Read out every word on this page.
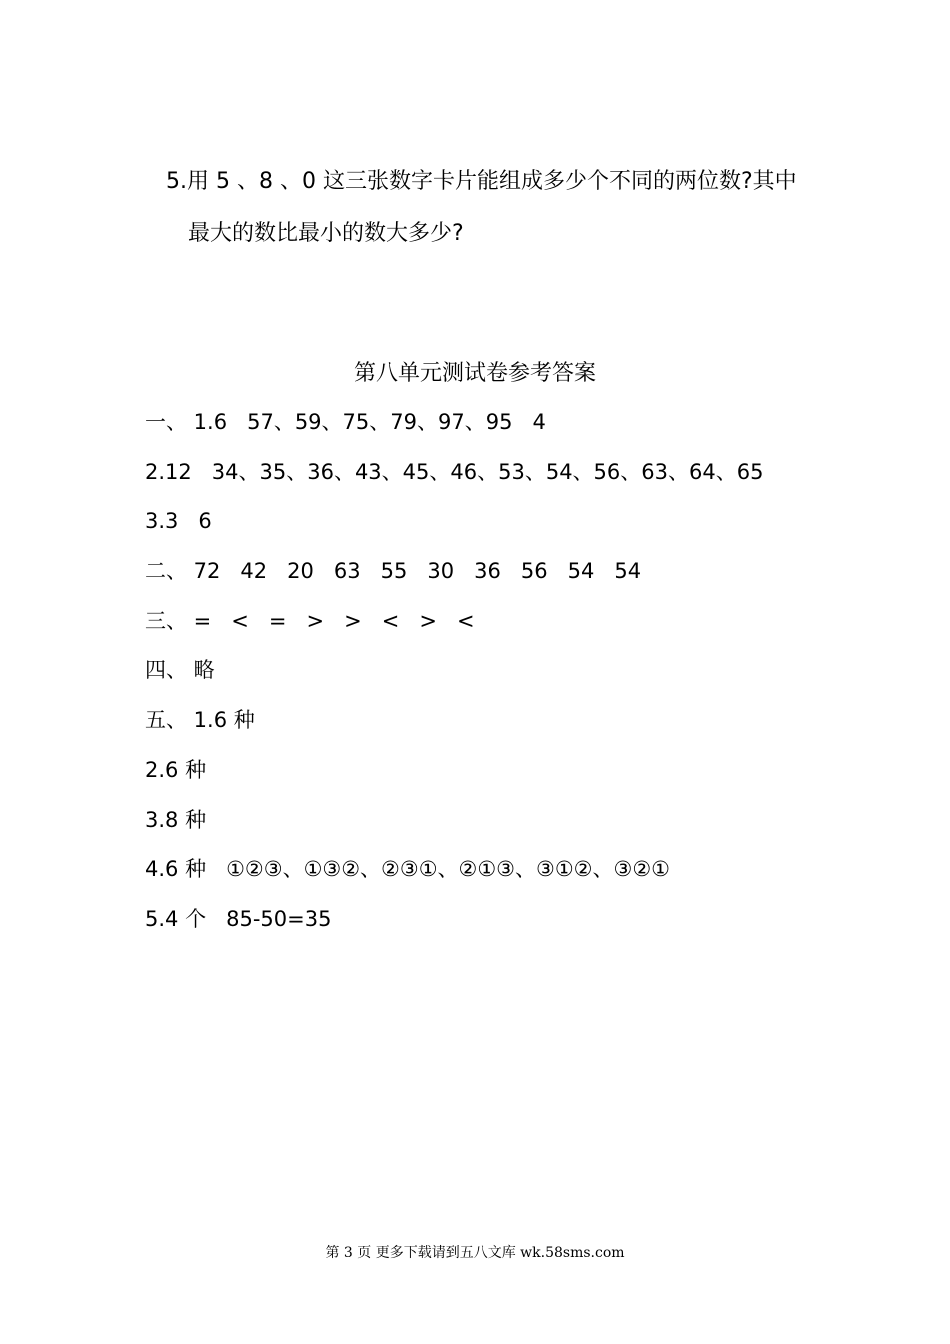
5.用 5 、8 、0 这三张数字卡片能组成多少个不同的两位数?其中
最大的数比最小的数大多少?
第八单元测试卷参考答案
一、 1.6   57、59、75、79、97、95   4
2.12   34、35、36、43、45、46、53、54、56、63、64、65
3.3   6
二、 72   42   20   63   55   30   36   56   54   54
三、 =   <   =   >   >   <   >   <
四、 略
五、 1.6 种
2.6 种
3.8 种
4.6 种   ①②③、①③②、②③①、②①③、③①②、③②①
5.4 个   85-50=35
第 3 页 更多下载请到五八文库 wk.58sms.com
